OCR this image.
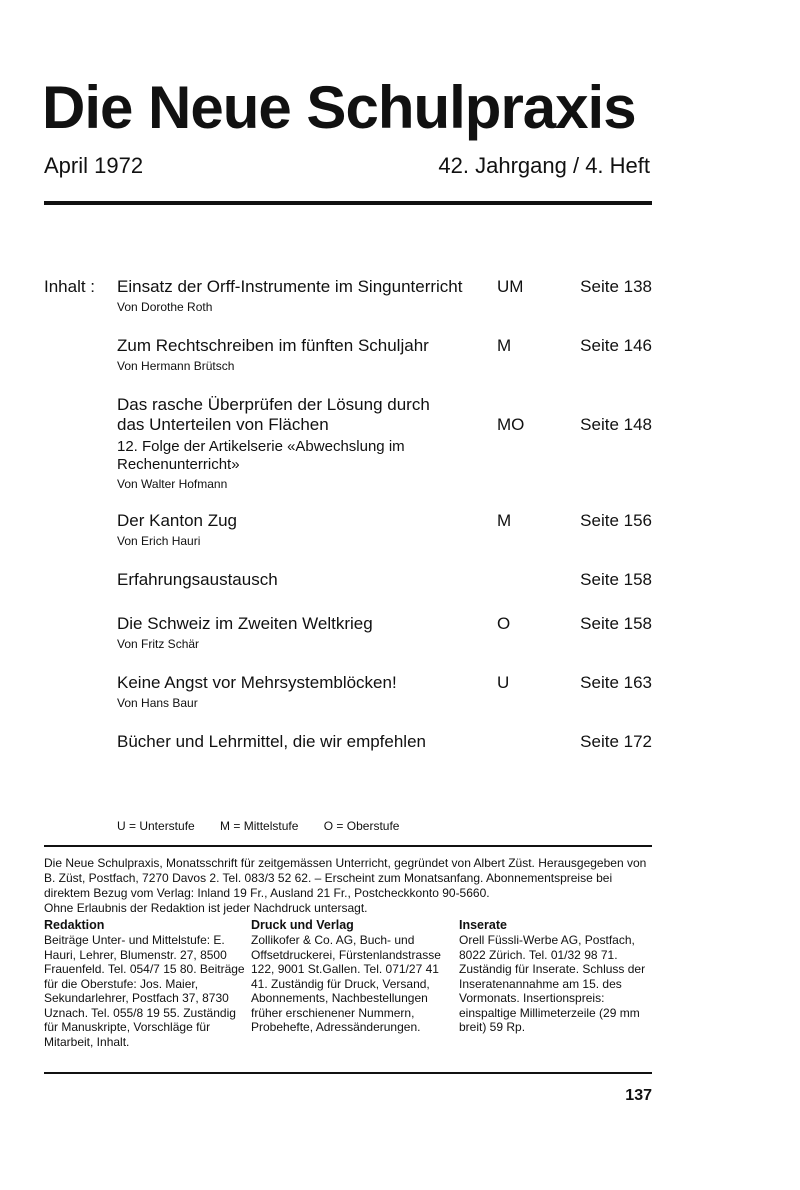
Die Neue Schulpraxis
April 1972	42. Jahrgang / 4. Heft
Inhalt : Einsatz der Orff-Instrumente im Singunterricht
Von Dorothe Roth
UM	Seite 138
Zum Rechtschreiben im fünften Schuljahr
Von Hermann Brütsch
M	Seite 146
Das rasche Überprüfen der Lösung durch das Unterteilen von Flächen
12. Folge der Artikelserie «Abwechslung im Rechenunterricht»
Von Walter Hofmann
MO	Seite 148
Der Kanton Zug
Von Erich Hauri
M	Seite 156
Erfahrungsaustausch	Seite 158
Die Schweiz im Zweiten Weltkrieg
Von Fritz Schär
O	Seite 158
Keine Angst vor Mehrsystemblöcken!
Von Hans Baur
U	Seite 163
Bücher und Lehrmittel, die wir empfehlen	Seite 172
U = Unterstufe M = Mittelstufe O = Oberstufe

Die Neue Schulpraxis, Monatsschrift für zeitgemässen Unterricht, gegründet von Albert Züst. Herausgegeben von B. Züst, Postfach, 7270 Davos 2. Tel. 083/3 52 62. – Erscheint zum Monatsanfang. Abonnementspreise bei direktem Bezug vom Verlag: Inland 19 Fr., Ausland 21 Fr., Postcheckkonto 90-5660.

Ohne Erlaubnis der Redaktion ist jeder Nachdruck untersagt.

Redaktion

Beiträge Unter- und Mittelstufe: E. Hauri, Lehrer, Blumenstr. 27, 8500 Frauenfeld. Tel. 054/7 15 80. Beiträge für die Oberstufe: Jos. Maier, Sekundarlehrer, Postfach 37, 8730 Uznach. Tel. 055/8 19 55. Zuständig für Manuskripte, Vorschläge für Mitarbeit, Inhalt.

Druck und Verlag

Zollikofer & Co. AG, Buch- und Offsetdruckerei, Fürstenlandstrasse 122, 9001 St.Gallen. Tel. 071/27 41 41. Zuständig für Druck, Versand, Abonnements, Nachbestellungen früher erschienener Nummern, Probehefte, Adressänderungen.

Inserate

Orell Füssli-Werbe AG, Postfach, 8022 Zürich. Tel. 01/32 98 71. Zuständig für Inserate. Schluss der Inseratenannahme am 15. des Vormonats. Insertionspreis: einspaltige Millimeterzeile (29 mm breit) 59 Rp.

137
